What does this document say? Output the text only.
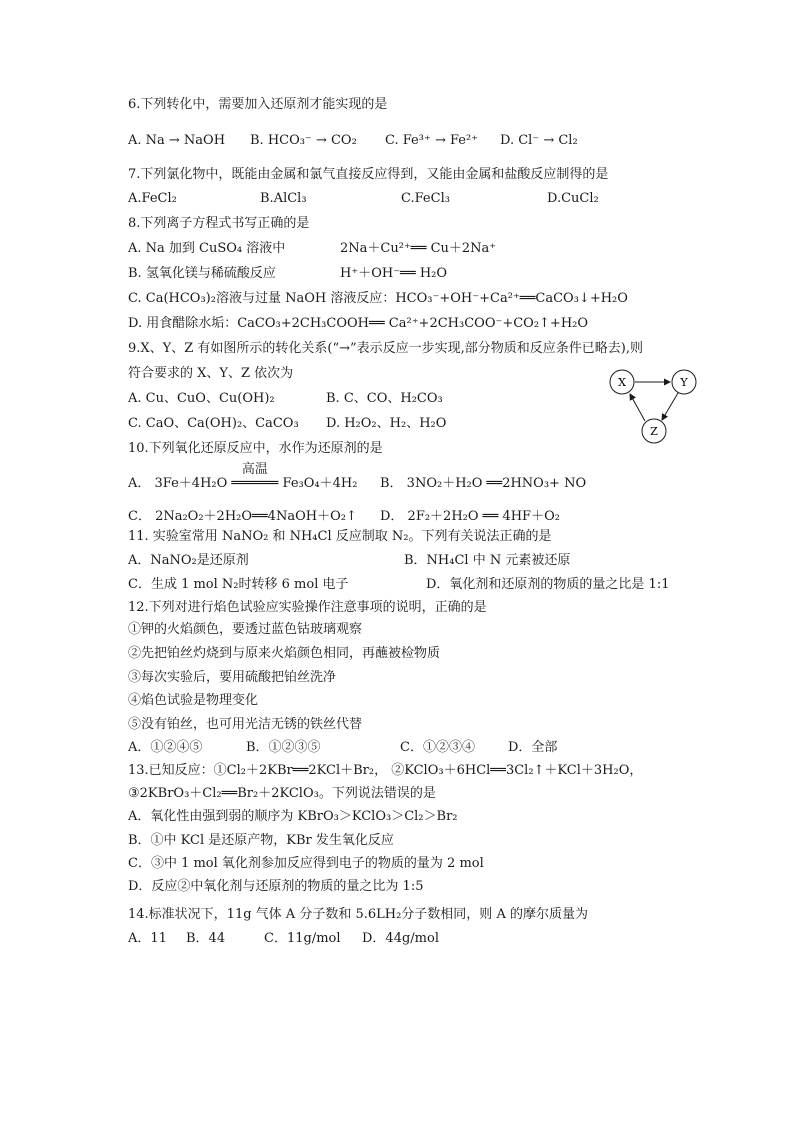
6.下列转化中，需要加入还原剂才能实现的是
A. Na → NaOH B. HCO₃⁻ → CO₂ C. Fe³⁺ → Fe²⁺ D. Cl⁻ → Cl₂
7.下列氯化物中，既能由金属和氯气直接反应得到，又能由金属和盐酸反应制得的是
A.FeCl₂	B.AlCl₃	C.FeCl₃	D.CuCl₂
8.下列离子方程式书写正确的是
A. Na 加到 CuSO₄ 溶液中	2Na＋Cu²⁺══ Cu＋2Na⁺
B. 氢氧化镁与稀硫酸反应	H⁺＋OH⁻══ H₂O
C. Ca(HCO₃)₂溶液与过量 NaOH 溶液反应：HCO₃⁻+OH⁻+Ca²⁺══CaCO₃↓+H₂O
D. 用食醋除水垢：CaCO₃+2CH₃COOH══ Ca²⁺+2CH₃COO⁻+CO₂↑+H₂O
9.X、Y、Z 有如图所示的转化关系(“→”表示反应一步实现,部分物质和反应条件已略去),则
符合要求的 X、Y、Z 依次为
A. Cu、CuO、Cu(OH)₂	B. C、CO、H₂CO₃
C. CaO、Ca(OH)₂、CaCO₃ D. H₂O₂、H₂、H₂O
X	Y
Z
10.下列氧化还原反应中，水作为还原剂的是
A． 3Fe＋4H₂O
高温
══════ Fe₃O₄＋4H₂ B． 3NO₂＋H₂O ══2HNO₃+ NO
C． 2Na₂O₂＋2H₂O══4NaOH＋O₂↑ D． 2F₂＋2H₂O ══ 4HF＋O₂
11. 实验室常用 NaNO₂ 和 NH₄Cl 反应制取 N₂。下列有关说法正确的是
A．NaNO₂是还原剂	B．NH₄Cl 中 N 元素被还原
C．生成 1 mol N₂时转移 6 mol 电子	D．氧化剂和还原剂的物质的量之比是 1:1
12.下列对进行焰色试验应实验操作注意事项的说明，正确的是
①钾的火焰颜色，要透过蓝色钴玻璃观察
②先把铂丝灼烧到与原来火焰颜色相同，再蘸被检物质
③每次实验后，要用硫酸把铂丝洗净
④焰色试验是物理变化
⑤没有铂丝，也可用光洁无锈的铁丝代替
A．①②④⑤	B．①②③⑤	C．①②③④	D．全部
13.已知反应：①Cl₂＋2KBr══2KCl＋Br₂， ②KClO₃＋6HCl══3Cl₂↑＋KCl＋3H₂O，
③2KBrO₃＋Cl₂══Br₂＋2KClO₃。下列说法错误的是
A．氧化性由强到弱的顺序为 KBrO₃＞KClO₃＞Cl₂＞Br₂
B．①中 KCl 是还原产物，KBr 发生氧化反应
C．③中 1 mol 氧化剂参加反应得到电子的物质的量为 2 mol
D．反应②中氧化剂与还原剂的物质的量之比为 1:5
14.标准状况下，11g 气体 A 分子数和 5.6LH₂分子数相同，则 A 的摩尔质量为
A．11 B．44	C．11g/mol D．44g/mol
